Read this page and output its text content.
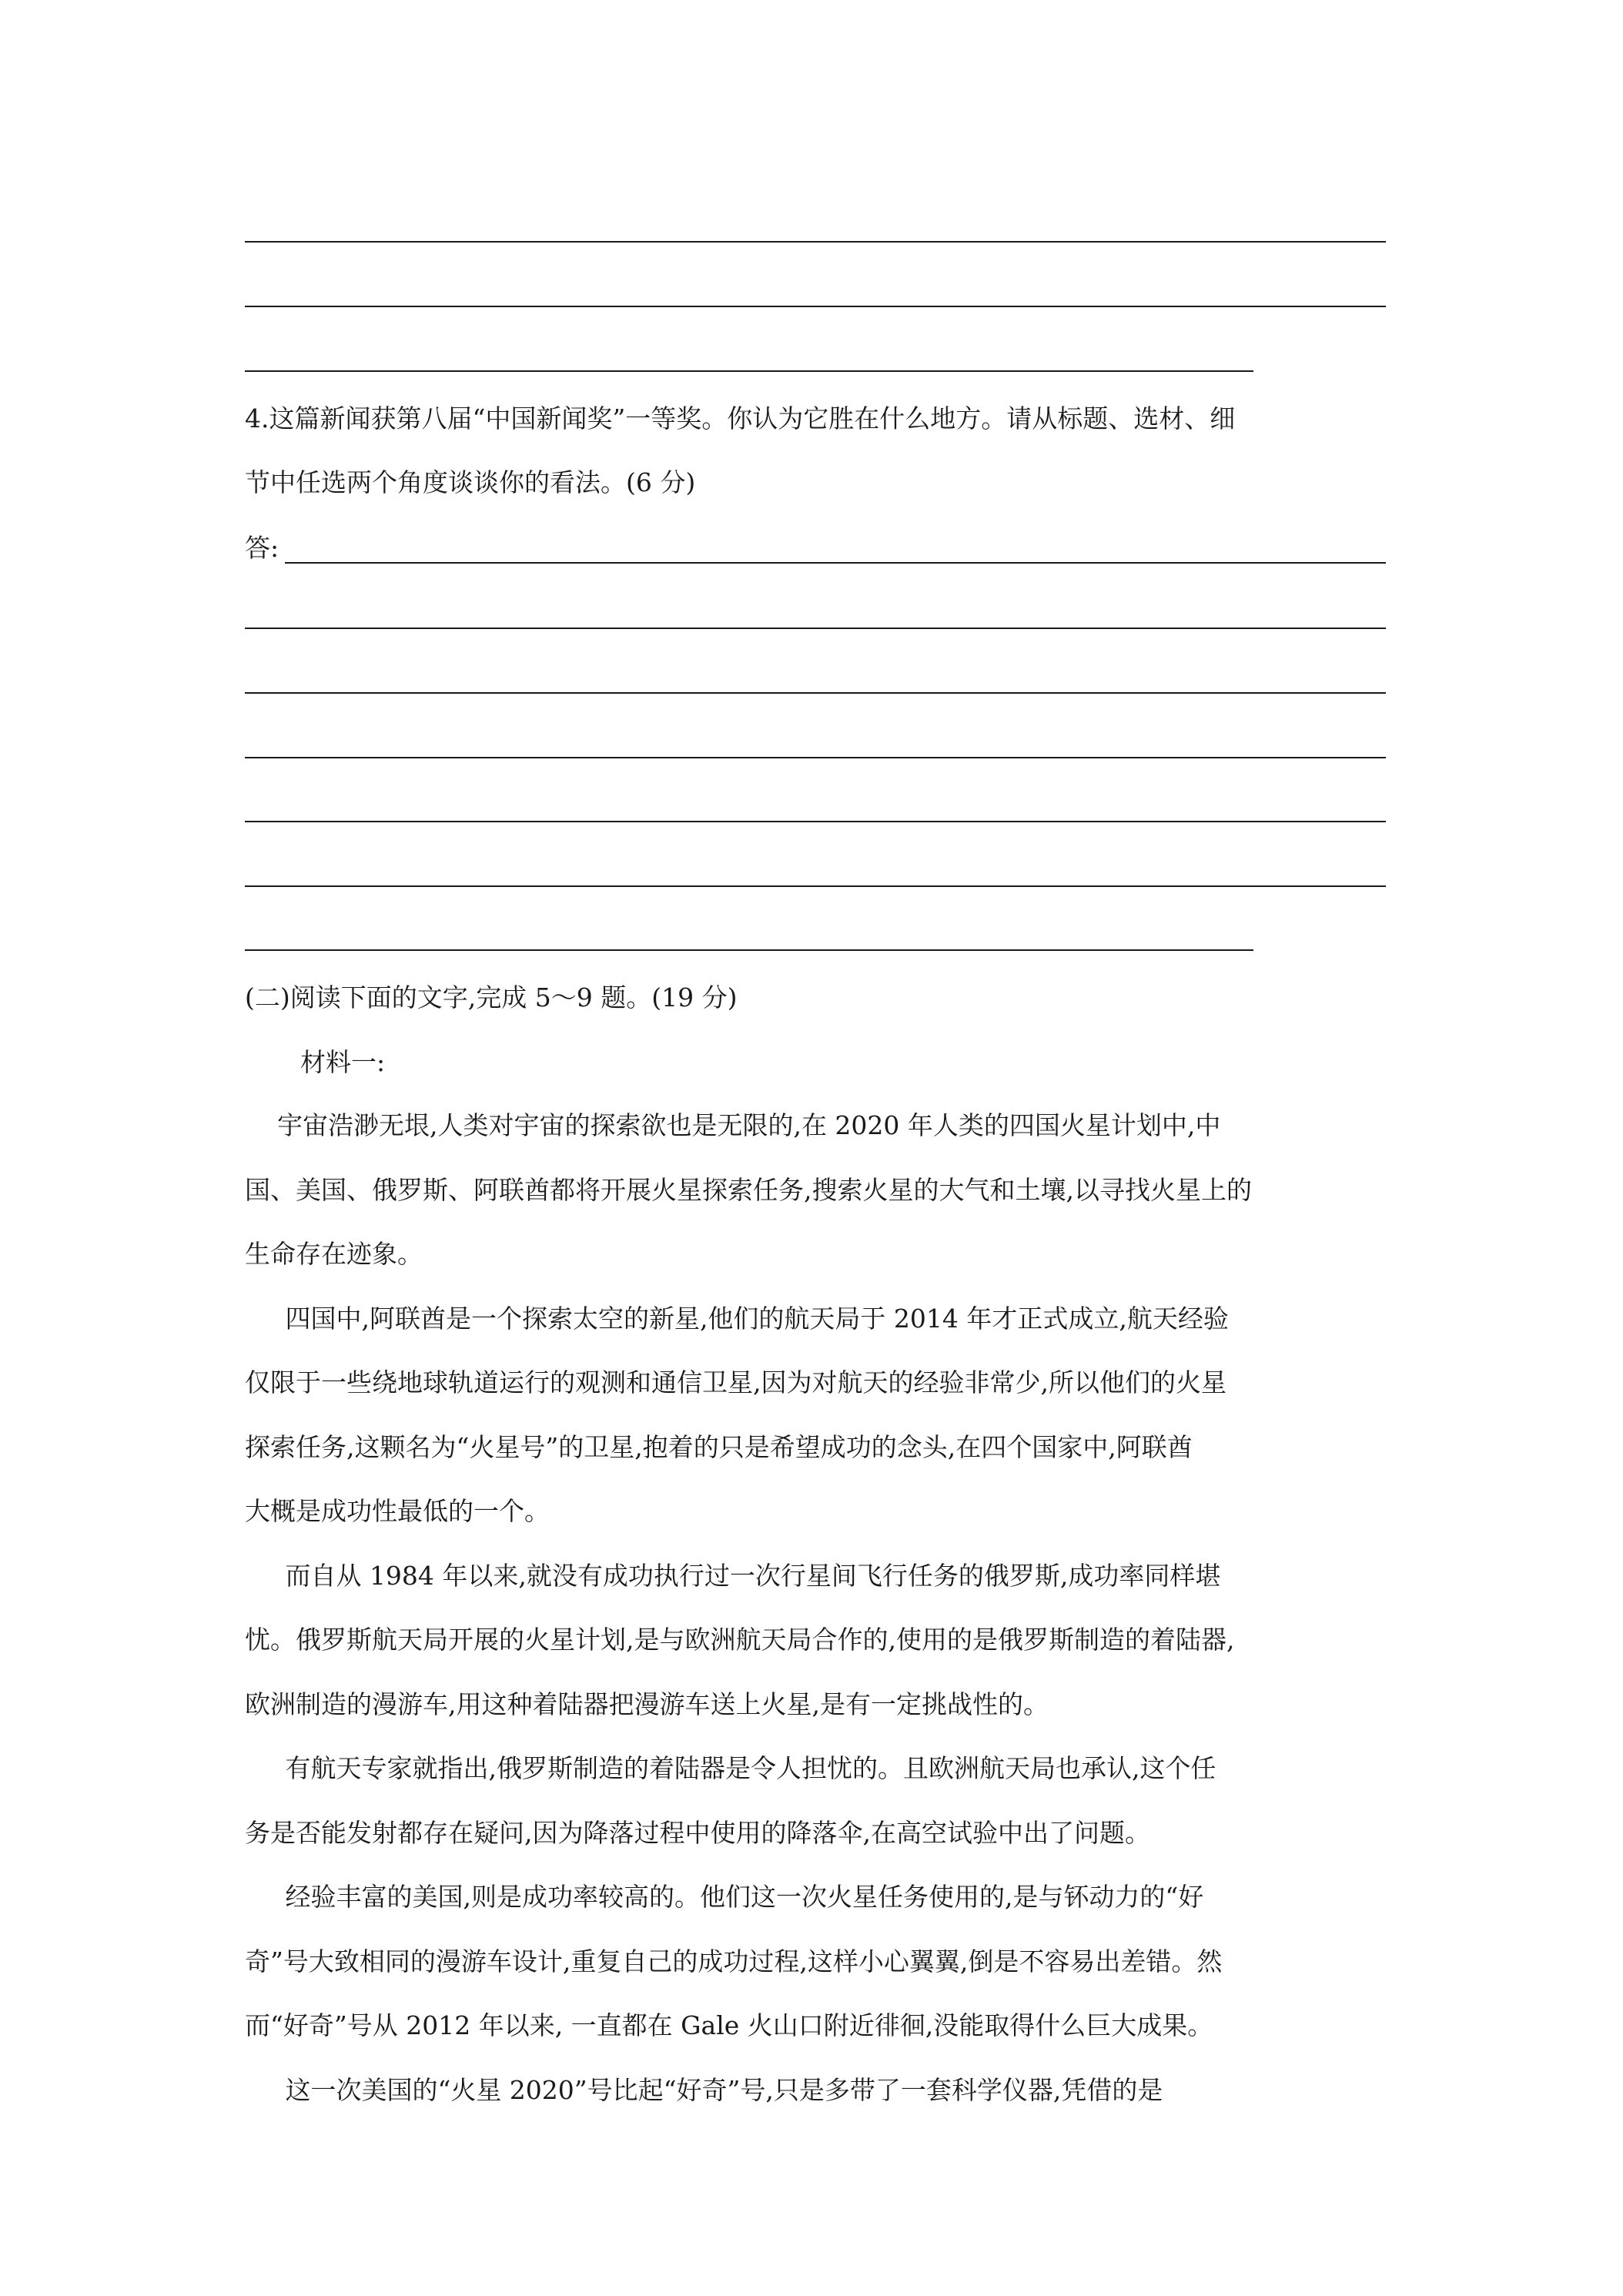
4.这篇新闻获第八届“中国新闻奖”一等奖。你认为它胜在什么地方。请从标题、选材、细
节中任选两个角度谈谈你的看法。(6 分)
答:
(二)阅读下面的文字,完成 5～9 题。(19 分)
材料一:
宇宙浩渺无垠,人类对宇宙的探索欲也是无限的,在 2020 年人类的四国火星计划中,中
国、美国、俄罗斯、阿联酋都将开展火星探索任务,搜索火星的大气和土壤,以寻找火星上的
生命存在迹象。
四国中,阿联酋是一个探索太空的新星,他们的航天局于 2014 年才正式成立,航天经验
仅限于一些绕地球轨道运行的观测和通信卫星,因为对航天的经验非常少,所以他们的火星
探索任务,这颗名为“火星号”的卫星,抱着的只是希望成功的念头,在四个国家中,阿联酋
大概是成功性最低的一个。
而自从 1984 年以来,就没有成功执行过一次行星间飞行任务的俄罗斯,成功率同样堪
忧。俄罗斯航天局开展的火星计划,是与欧洲航天局合作的,使用的是俄罗斯制造的着陆器,
欧洲制造的漫游车,用这种着陆器把漫游车送上火星,是有一定挑战性的。
有航天专家就指出,俄罗斯制造的着陆器是令人担忧的。且欧洲航天局也承认,这个任
务是否能发射都存在疑问,因为降落过程中使用的降落伞,在高空试验中出了问题。
经验丰富的美国,则是成功率较高的。他们这一次火星任务使用的,是与钚动力的“好
奇”号大致相同的漫游车设计,重复自己的成功过程,这样小心翼翼,倒是不容易出差错。然
而“好奇”号从 2012 年以来, 一直都在 Gale 火山口附近徘徊,没能取得什么巨大成果。
这一次美国的“火星 2020”号比起“好奇”号,只是多带了一套科学仪器,凭借的是
